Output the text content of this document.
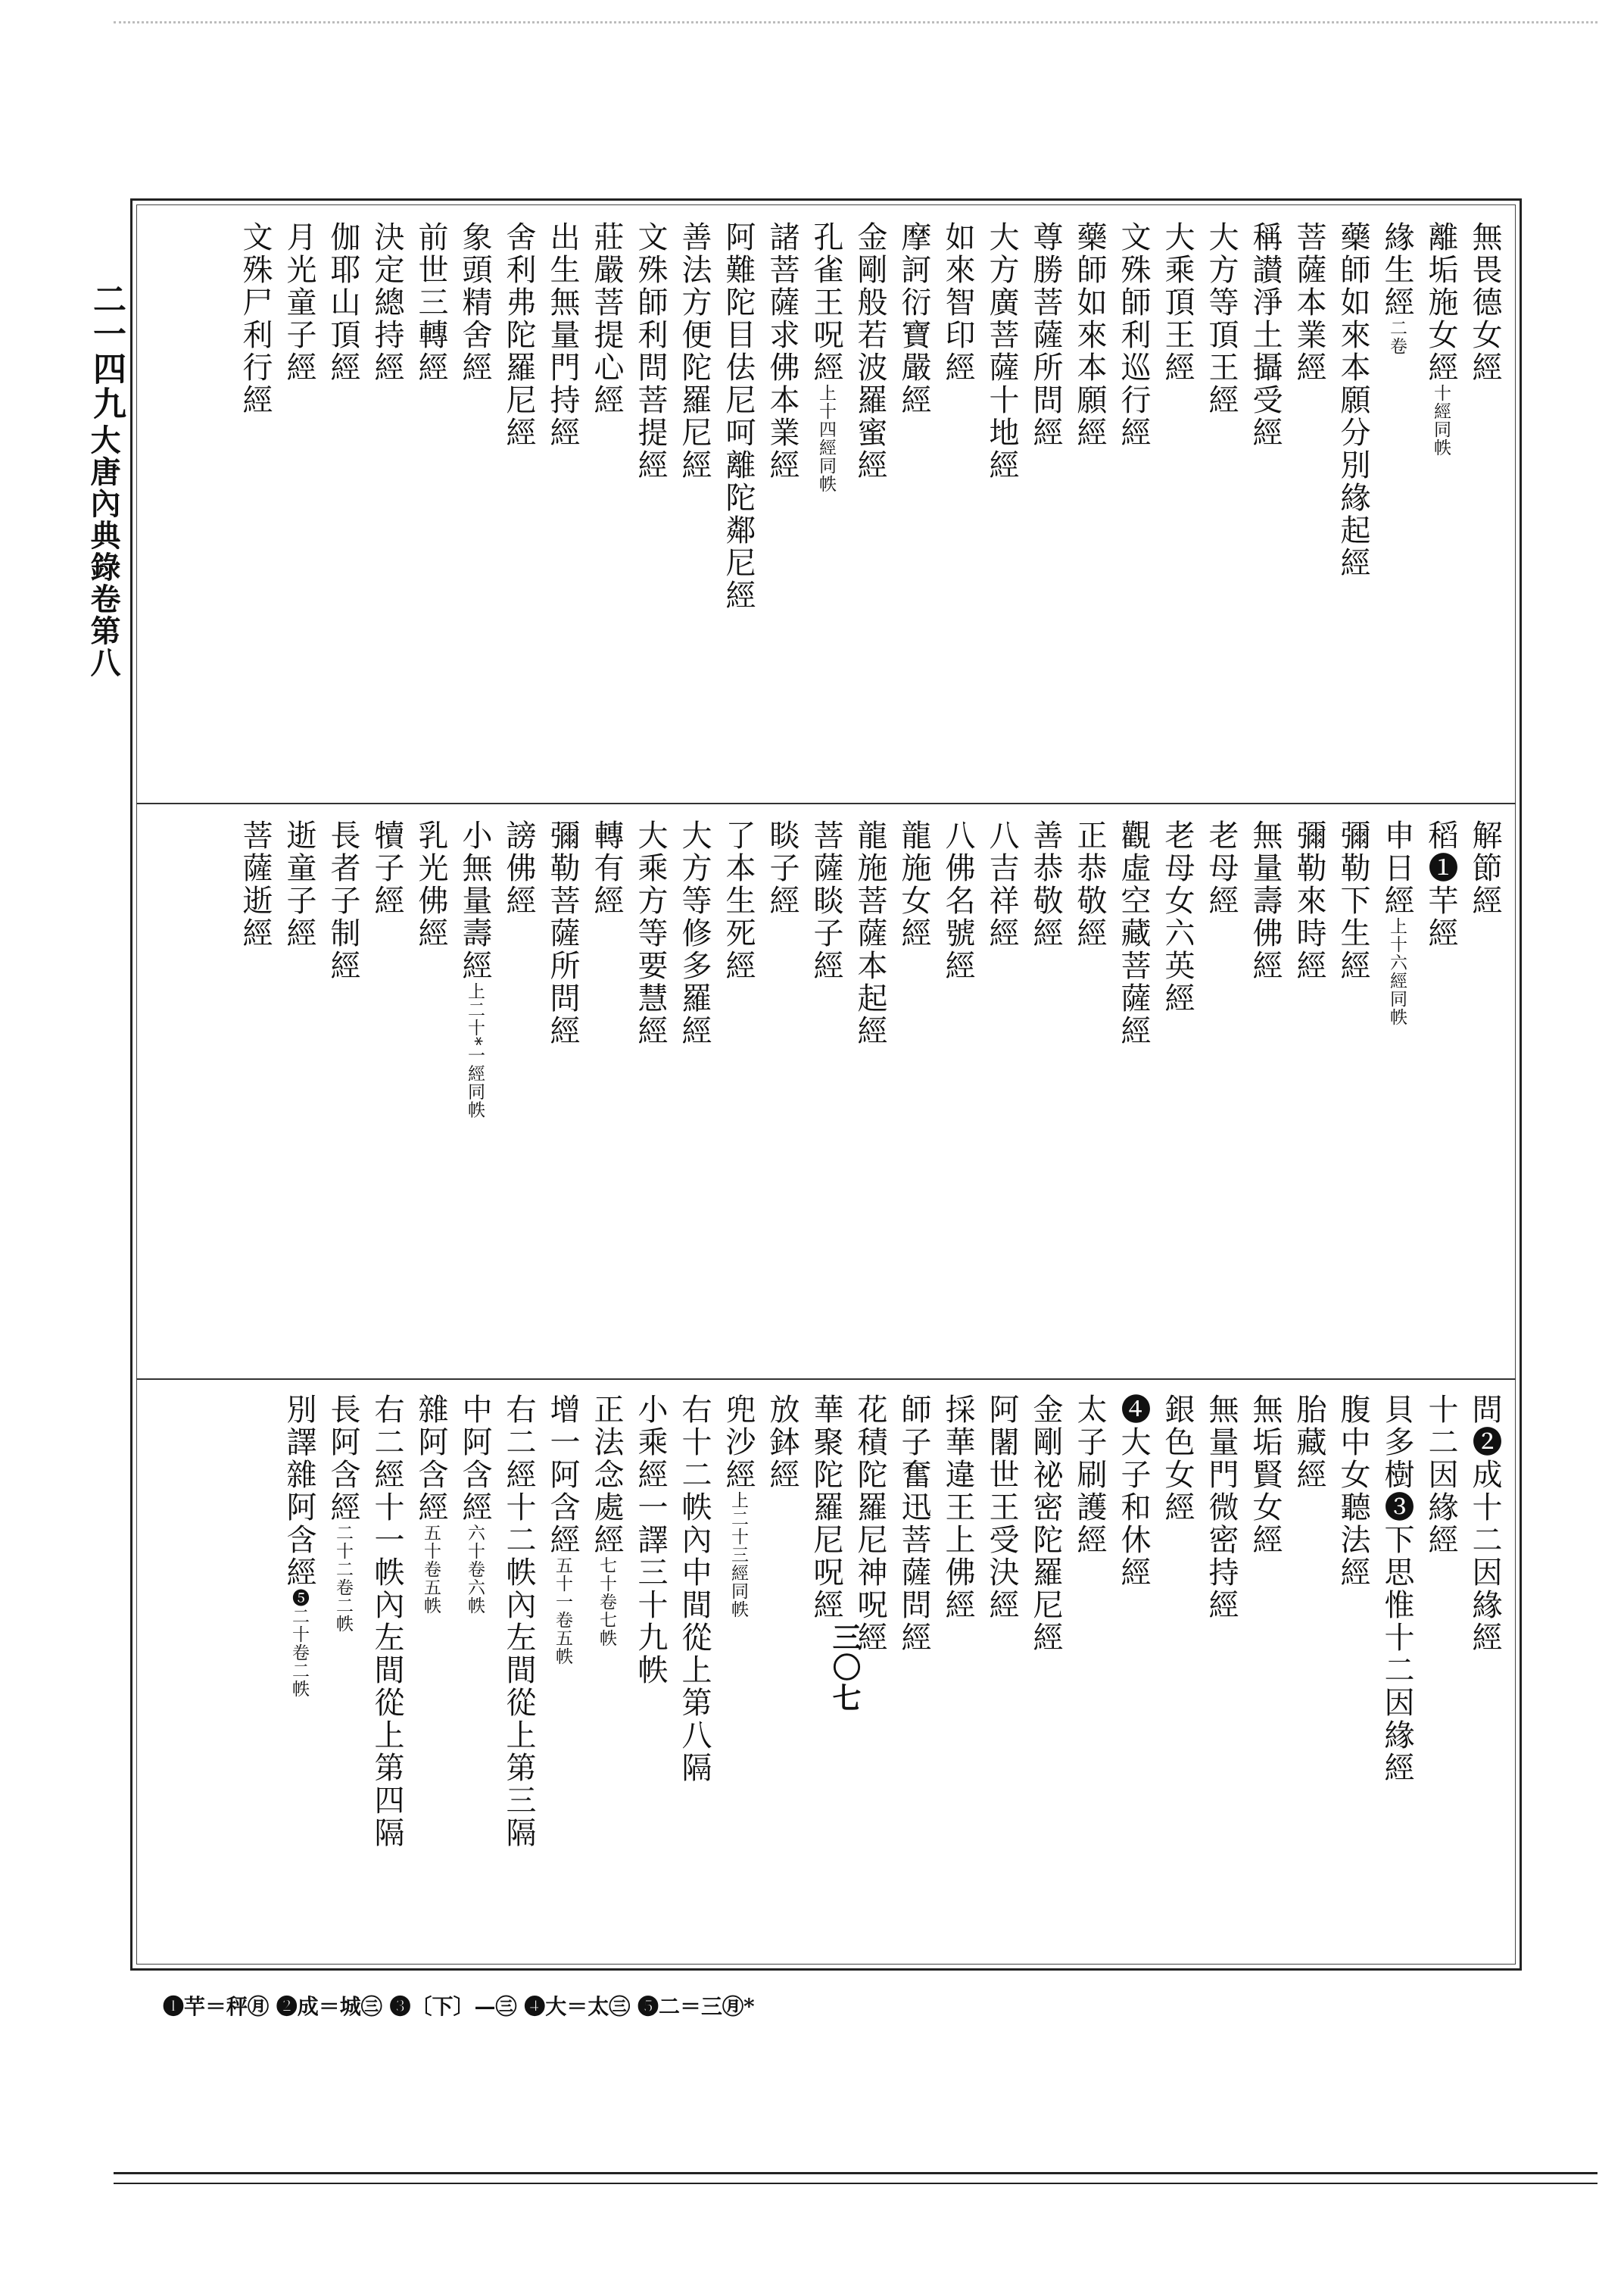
二一四九
大唐內典錄卷第八
三〇七
無畏德女經
離垢施女經十經同帙
緣生經二卷
藥師如來本願分別緣起經
菩薩本業經
稱讃淨土攝受經
大方等頂王經
大乘頂王經
文殊師利巡行經
藥師如來本願經
尊勝菩薩所問經
大方廣菩薩十地經
如來智印經
摩訶衍寶嚴經
金剛般若波羅蜜經
孔雀王呪經上十四經同帙
諸菩薩求佛本業經
阿難陀目佉尼呵離陀鄰尼經
善法方便陀羅尼經
文殊師利問菩提經
莊嚴菩提心經
出生無量門持經
舍利弗陀羅尼經
象頭精舍經
前世三轉經
決定總持經
伽耶山頂經
月光童子經
文殊尸利行經
解節經
稻❶芉經
申日經上十六經同帙
彌勒下生經
彌勒來時經
無量壽佛經
老母經
老母女六英經
觀虛空藏菩薩經
正恭敬經
善恭敬經
八吉祥經
八佛名號經
龍施女經
龍施菩薩本起經
菩薩睒子經
睒子經
了本生死經
大方等修多羅經
大乘方等要慧經
轉有經
彌勒菩薩所問經
謗佛經
小無量壽經上二十*一經同帙
乳光佛經
犢子經
長者子制經
逝童子經
菩薩逝經
問❷成十二因緣經
十二因緣經
貝多樹❸下思惟十二因緣經
腹中女聽法經
胎藏經
無垢賢女經
無量門微密持經
銀色女經
❹大子和休經
太子刷護經
金剛祕密陀羅尼經
阿闍世王受決經
採華違王上佛經
師子奮迅菩薩問經
花積陀羅尼神呪經
華聚陀羅尼呪經
放鉢經
兜沙經上二十三經同帙
右十二帙內中間從上第八隔
小乘經一譯三十九帙
正法念處經七十卷七帙
增一阿含經五十一卷五帙
右二經十二帙內左間從上第三隔
中阿含經六十卷六帙
雜阿含經五十卷五帙
右二經十一帙內左間從上第四隔
長阿含經二十二卷二帙
別譯雜阿含經❺二十卷二帙
❶芉＝秤㊊ ❷成＝城㊂ ❸〔下〕—㊂ ❹大＝太㊂ ❺二＝三㊊*
